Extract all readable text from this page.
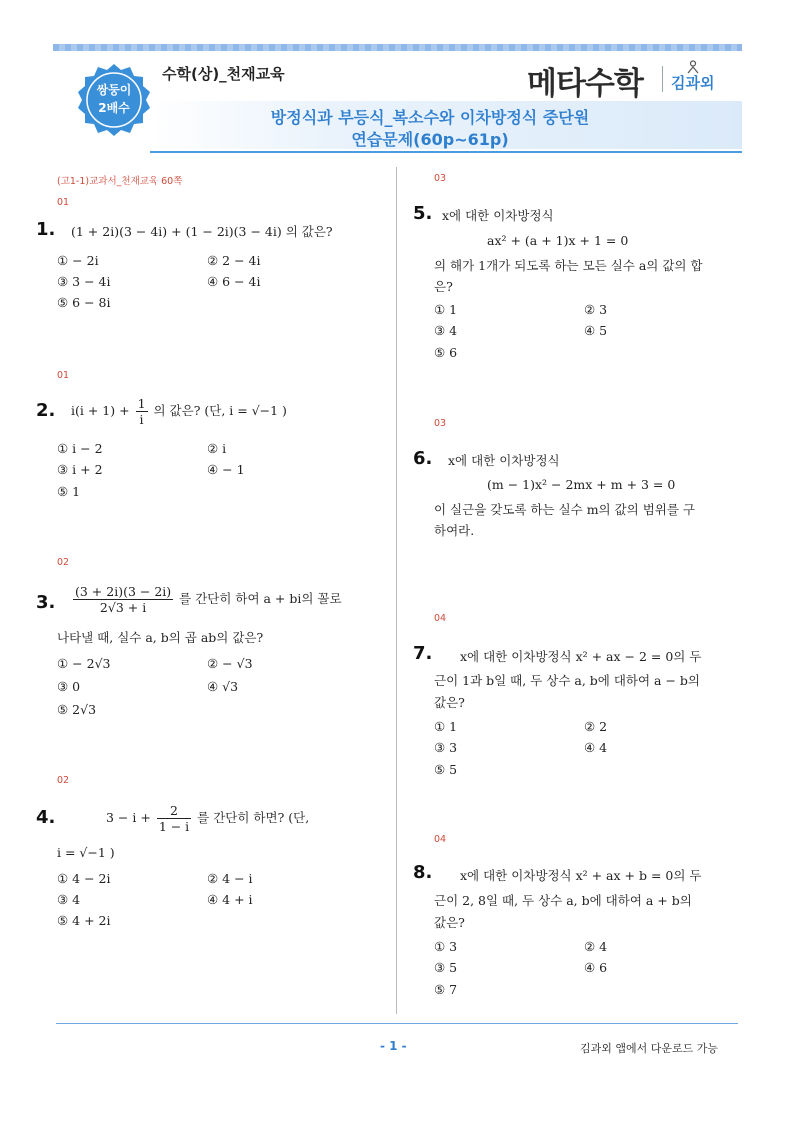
쌍둥이
2배수
수학(상)_천재교육
방정식과 부등식_복소수와 이차방정식 중단원
연습문제(60p~61p)
메타수학 김과외
(고1-1)교과서_천재교육 60쪽
01
1. (1 + 2i)(3 − 4i) + (1 − 2i)(3 − 4i) 의 값은?
① − 2i	② 2 − 4i
③ 3 − 4i	④ 6 − 4i
⑤ 6 − 8i
01
2. $i(i + 1) + \frac{1}{i}$ 의 값은? (단, i = √−1 )
① i − 2	② i
③ i + 2	④ − 1
⑤ 1
02
3. $\frac{(3 + 2i)(3 - 2i)}{2√3 + i}$ 를 간단히 하여 a + bi의 꼴로
나타낼 때, 실수 a, b의 곱 ab의 값은?
① − 2√3	② − √3
③ 0	④ √3
⑤ 2√3
02
4.	$3 - i + \frac{2}{1 - i}$ 를 간단히 하면? (단,
i = √−1 )
① 4 − 2i	② 4 − i
③ 4	④ 4 + i
⑤ 4 + 2i
03
5. x에 대한 이차방정식
ax² + (a + 1)x + 1 = 0
의 해가 1개가 되도록 하는 모든 실수 a의 값의 합
은?
① 1	② 3
③ 4	④ 5
⑤ 6
03
6. x에 대한 이차방정식
(m − 1)x² − 2mx + m + 3 = 0
이 실근을 갖도록 하는 실수 m의 값의 범위를 구
하여라.
04
7. x에 대한 이차방정식 x² + ax − 2 = 0의 두
근이 1과 b일 때, 두 상수 a, b에 대하여 a − b의
값은?
① 1	② 2
③ 3	④ 4
⑤ 5
04
8. x에 대한 이차방정식 x² + ax + b = 0의 두
근이 2, 8일 때, 두 상수 a, b에 대하여 a + b의
값은?
① 3	② 4
③ 5	④ 6
⑤ 7
- 1 -	김과외 앱에서 다운로드 가능
